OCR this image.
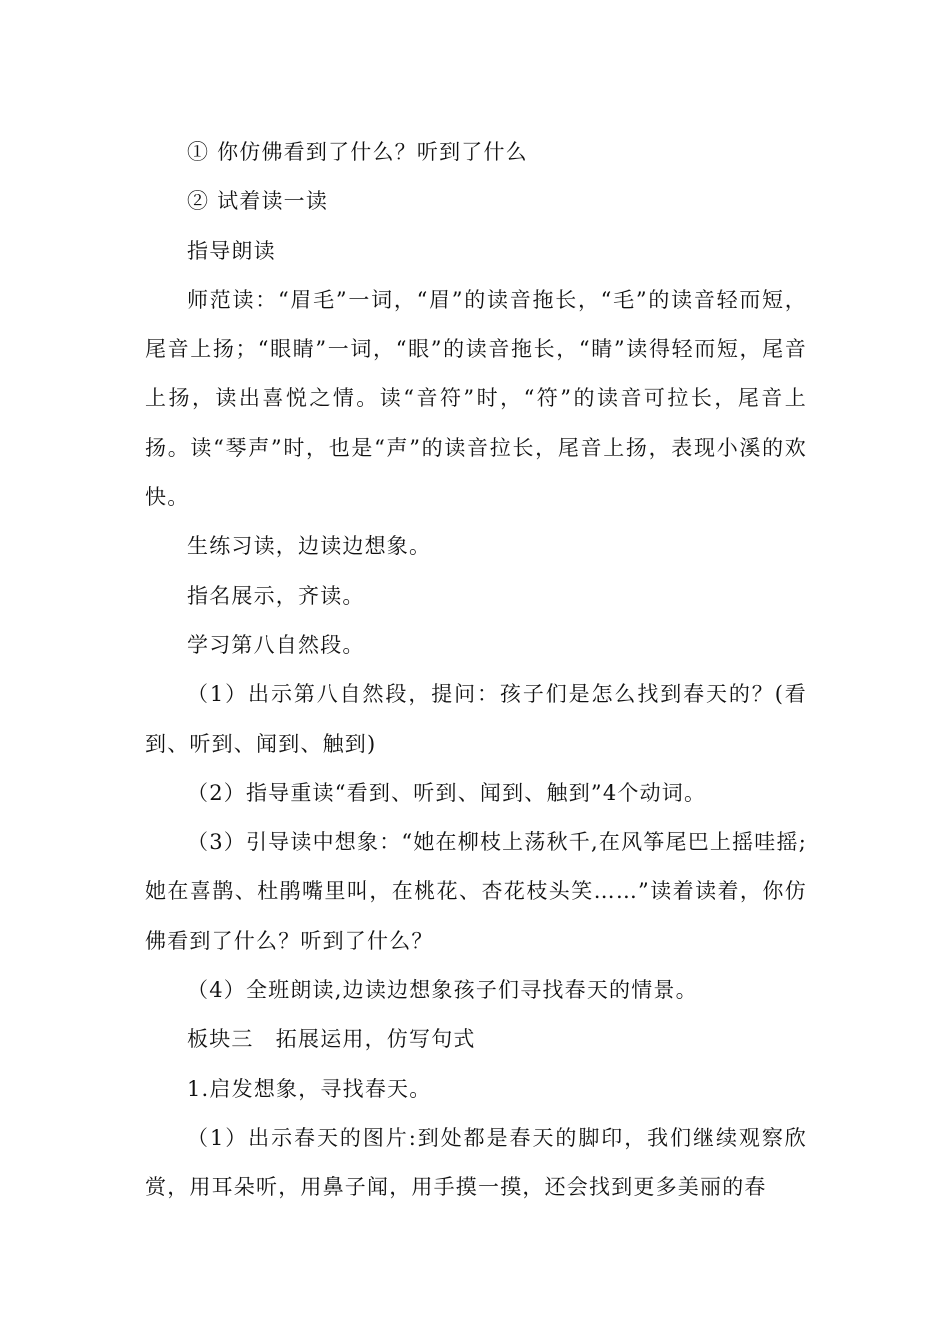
① 你仿佛看到了什么？听到了什么

② 试着读一读

指导朗读

师范读：“眉毛”一词，“眉”的读音拖长，“毛”的读音轻而短，尾音上扬；“眼睛”一词，“眼”的读音拖长，“睛”读得轻而短，尾音上扬，读出喜悦之情。读“音符”时，“符”的读音可拉长，尾音上扬。读“琴声”时，也是“声”的读音拉长，尾音上扬，表现小溪的欢快。

生练习读，边读边想象。

指名展示，齐读。

学习第八自然段。

（1）出示第八自然段，提问：孩子们是怎么找到春天的？(看到、听到、闻到、触到)

（2）指导重读“看到、听到、闻到、触到”4个动词。

（3）引导读中想象：“她在柳枝上荡秋千,在风筝尾巴上摇哇摇;她在喜鹊、杜鹃嘴里叫，在桃花、杏花枝头笑……”读着读着，你仿佛看到了什么？听到了什么？

（4）全班朗读,边读边想象孩子们寻找春天的情景。

板块三　拓展运用，仿写句式

1.启发想象，寻找春天。

（1）出示春天的图片:到处都是春天的脚印，我们继续观察欣赏，用耳朵听，用鼻子闻，用手摸一摸，还会找到更多美丽的春
